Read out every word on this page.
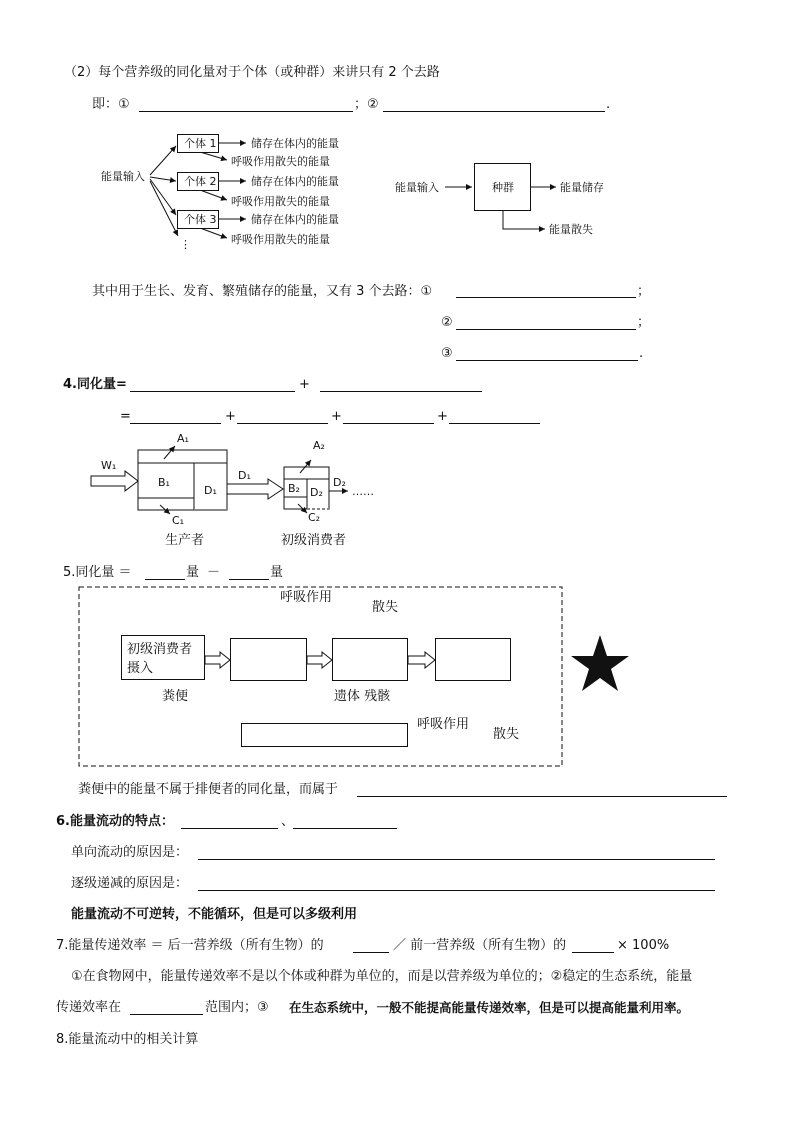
（2）每个营养级的同化量对于个体（或种群）来讲只有 2 个去路
即：①	；②	.
能量输入
个体 1
个体 2
个体 3
储存在体内的能量
呼吸作用散失的能量
储存在体内的能量
呼吸作用散失的能量
储存在体内的能量
呼吸作用散失的能量
⋮
能量输入	种群	能量储存
能量散失
其中用于生长、发育、繁殖储存的能量，又有 3 个去路：①	；
②	；
③	.
4.同化量=	+
=	+	+	+
W₁
A₁
B₁
D₁
D₁
C₁
A₂
B₂ D₂
C₂
D₂
……
生产者	初级消费者
5.同化量 ＝	量 －	量
呼吸作用
散失
初级消费者摄入
粪便	遗体 残骸
呼吸作用
散失
粪便中的能量不属于排便者的同化量，而属于
6.能量流动的特点：	、
单向流动的原因是：
逐级递减的原因是：
能量流动不可逆转，不能循环，但是可以多级利用
7.能量传递效率 ＝ 后一营养级（所有生物）的	／ 前一营养级（所有生物）的	× 100%
①在食物网中，能量传递效率不是以个体或种群为单位的，而是以营养级为单位的；②稳定的生态系统，能量
传递效率在	范围内；③ 在生态系统中，一般不能提高能量传递效率，但是可以提高能量利用率。
8.能量流动中的相关计算
